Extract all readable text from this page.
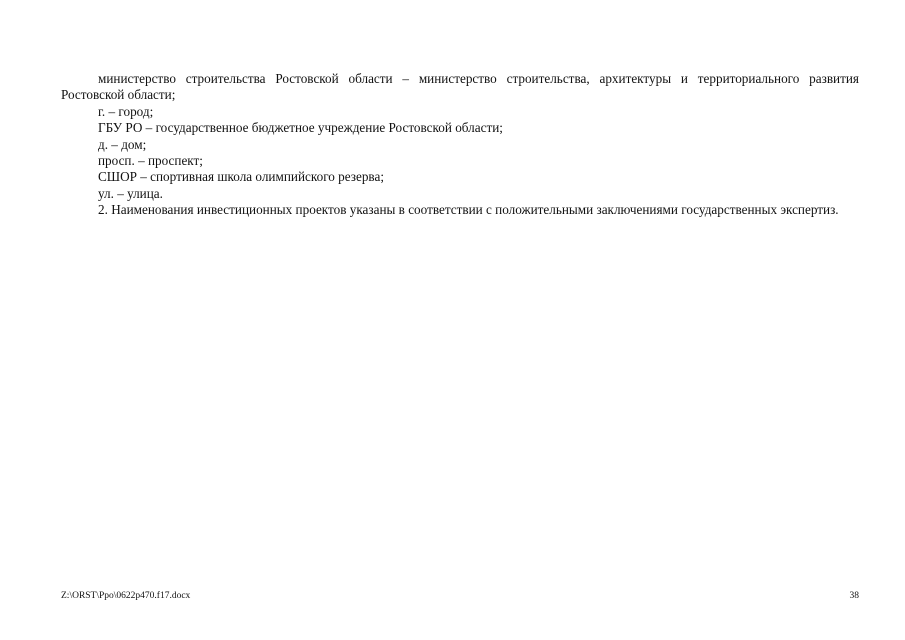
министерство строительства Ростовской области – министерство строительства, архитектуры и территориального развития Ростовской области;

г. – город;

ГБУ РО – государственное бюджетное учреждение Ростовской области;

д. – дом;

просп. – проспект;

СШОР – спортивная школа олимпийского резерва;

ул. – улица.

2. Наименования инвестиционных проектов указаны в соответствии с положительными заключениями государственных экспертиз.

Z:\ORST\Ppo\0622p470.f17.docx	38
